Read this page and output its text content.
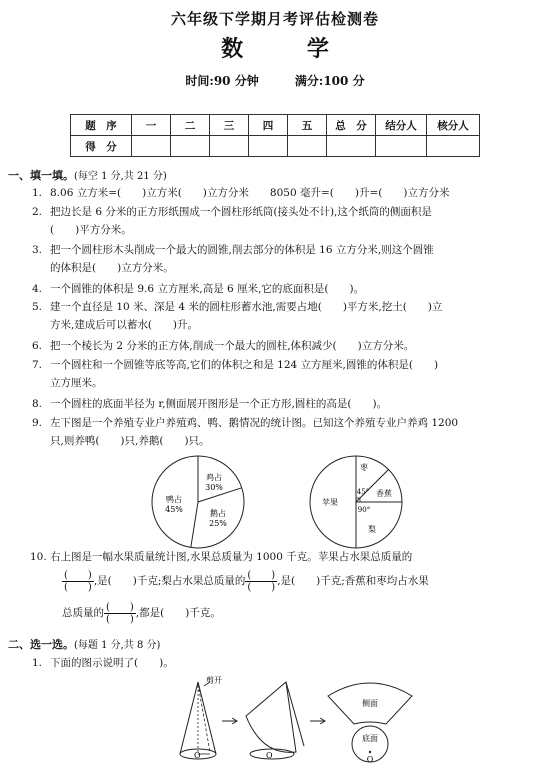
六年级下学期月考评估检测卷
数 学
时间:90 分钟	满分:100 分
题　序	一	二	三	四	五	总　分	结分人	核分人
得　分								
一、填一填。(每空 1 分,共 21 分)
1. 8.06 立方米=(　　)立方米(　　)立方分米　　8050 毫升=(　　)升=(　　)立方分米
2. 把边长是 6 分米的正方形纸围成一个圆柱形纸筒(接头处不计),这个纸筒的侧面积是
(　　)平方分米。
3. 把一个圆柱形木头削成一个最大的圆锥,削去部分的体积是 16 立方分米,则这个圆锥
的体积是(　　)立方分米。
4. 一个圆锥的体积是 9.6 立方厘米,高是 6 厘米,它的底面积是(　　)。
5. 建一个直径是 10 米、深是 4 米的圆柱形蓄水池,需要占地(　　)平方米,挖土(　　)立
方米,建成后可以蓄水(　　)升。
6. 把一个棱长为 2 分米的正方体,削成一个最大的圆柱,体积减少(　　)立方分米。
7. 一个圆柱和一个圆锥等底等高,它们的体积之和是 124 立方厘米,圆锥的体积是(　　)
立方厘米。
8. 一个圆柱的底面半径为 r,侧面展开图形是一个正方形,圆柱的高是(　　)。
9. 左下图是一个养殖专业户养殖鸡、鸭、鹅情况的统计图。已知这个养殖专业户养鸡 1200
只,则养鸭(　　)只,养鹅(　　)只。
鸡占
30%
鸭占
45%	鹅占
25%
枣
45° 香蕉
苹果
90°
梨
10. 右上图是一幅水果质量统计图,水果总质量为 1000 千克。苹果占水果总质量的
$\frac{( )}{( )}$ ,是(　　)千克;梨占水果总质量的 $\frac{( )}{( )}$ ,是(　　)千克;香蕉和枣均占水果
总质量的 $\frac{( )}{( )}$ ,都是(　　)千克。
二、选一选。(每题 1 分,共 8 分)
1. 下面的图示说明了(　　)。
O
剪开
O
侧面
底面
O
